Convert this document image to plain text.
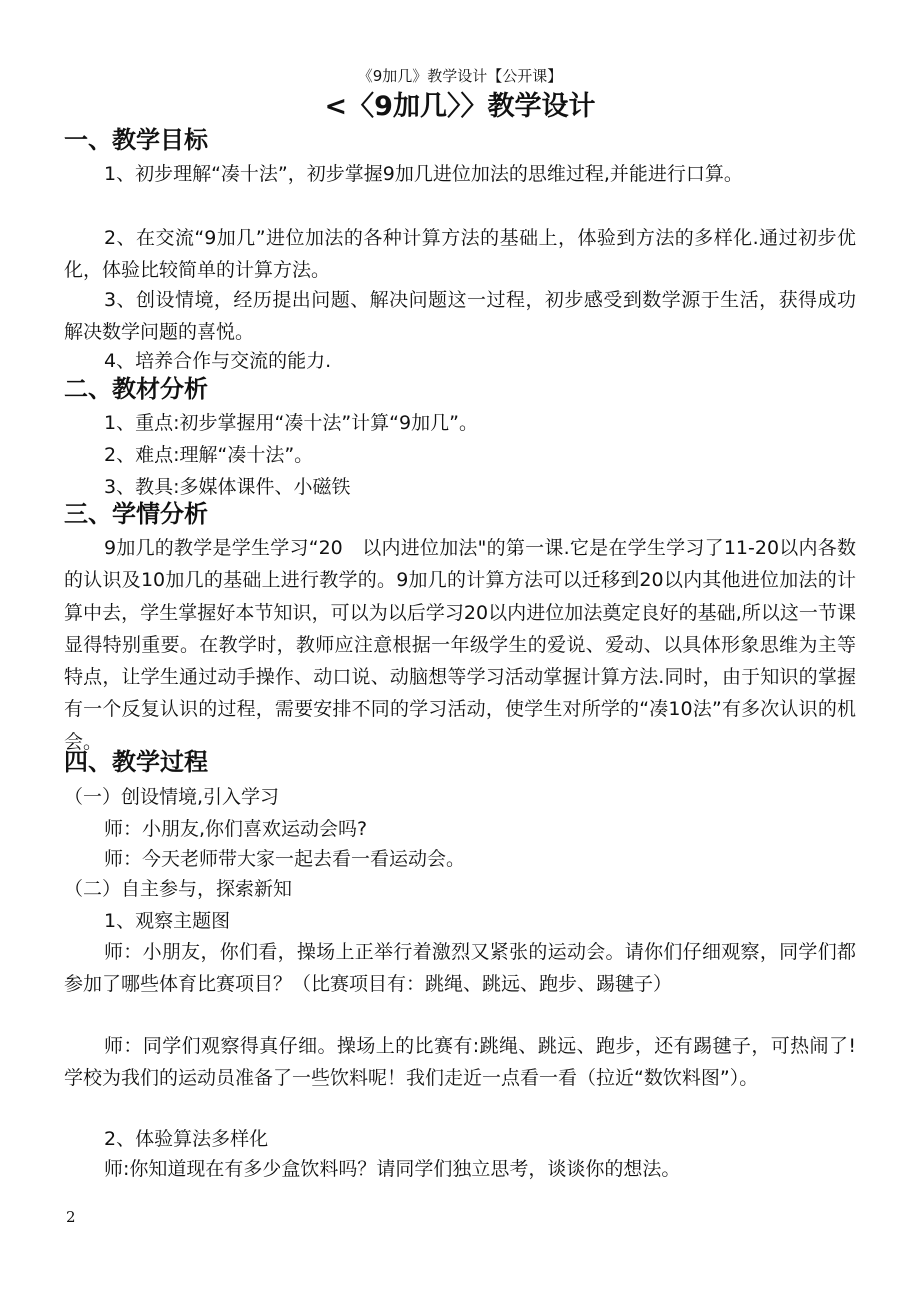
《9加几》教学设计【公开课】
<〈9加几〉〉教学设计
一、教学目标
1、初步理解“凑十法”，初步掌握9加几进位加法的思维过程,并能进行口算。
2、在交流“9加几”进位加法的各种计算方法的基础上，体验到方法的多样化.通过初步优化，体验比较简单的计算方法。
3、创设情境，经历提出问题、解决问题这一过程，初步感受到数学源于生活，获得成功解决数学问题的喜悦。
4、培养合作与交流的能力.
二、教材分析
1、重点:初步掌握用“凑十法”计算“9加几”。
2、难点:理解“凑十法”。
3、教具:多媒体课件、小磁铁
三、学情分析
9加几的教学是学生学习“20　以内进位加法"的第一课.它是在学生学习了11-20以内各数的认识及10加几的基础上进行教学的。9加几的计算方法可以迁移到20以内其他进位加法的计算中去，学生掌握好本节知识，可以为以后学习20以内进位加法奠定良好的基础,所以这一节课显得特别重要。在教学时，教师应注意根据一年级学生的爱说、爱动、以具体形象思维为主等特点，让学生通过动手操作、动口说、动脑想等学习活动掌握计算方法.同时，由于知识的掌握有一个反复认识的过程，需要安排不同的学习活动，使学生对所学的“凑10法”有多次认识的机会。
四、教学过程
（一）创设情境,引入学习
师：小朋友,你们喜欢运动会吗?
师：今天老师带大家一起去看一看运动会。
（二）自主参与，探索新知
1、观察主题图
师：小朋友，你们看，操场上正举行着激烈又紧张的运动会。请你们仔细观察，同学们都参加了哪些体育比赛项目？（比赛项目有：跳绳、跳远、跑步、踢毽子）
师：同学们观察得真仔细。操场上的比赛有:跳绳、跳远、跑步，还有踢毽子，可热闹了!学校为我们的运动员准备了一些饮料呢！我们走近一点看一看（拉近“数饮料图”）。
2、体验算法多样化
师:你知道现在有多少盒饮料吗？请同学们独立思考，谈谈你的想法。
2
